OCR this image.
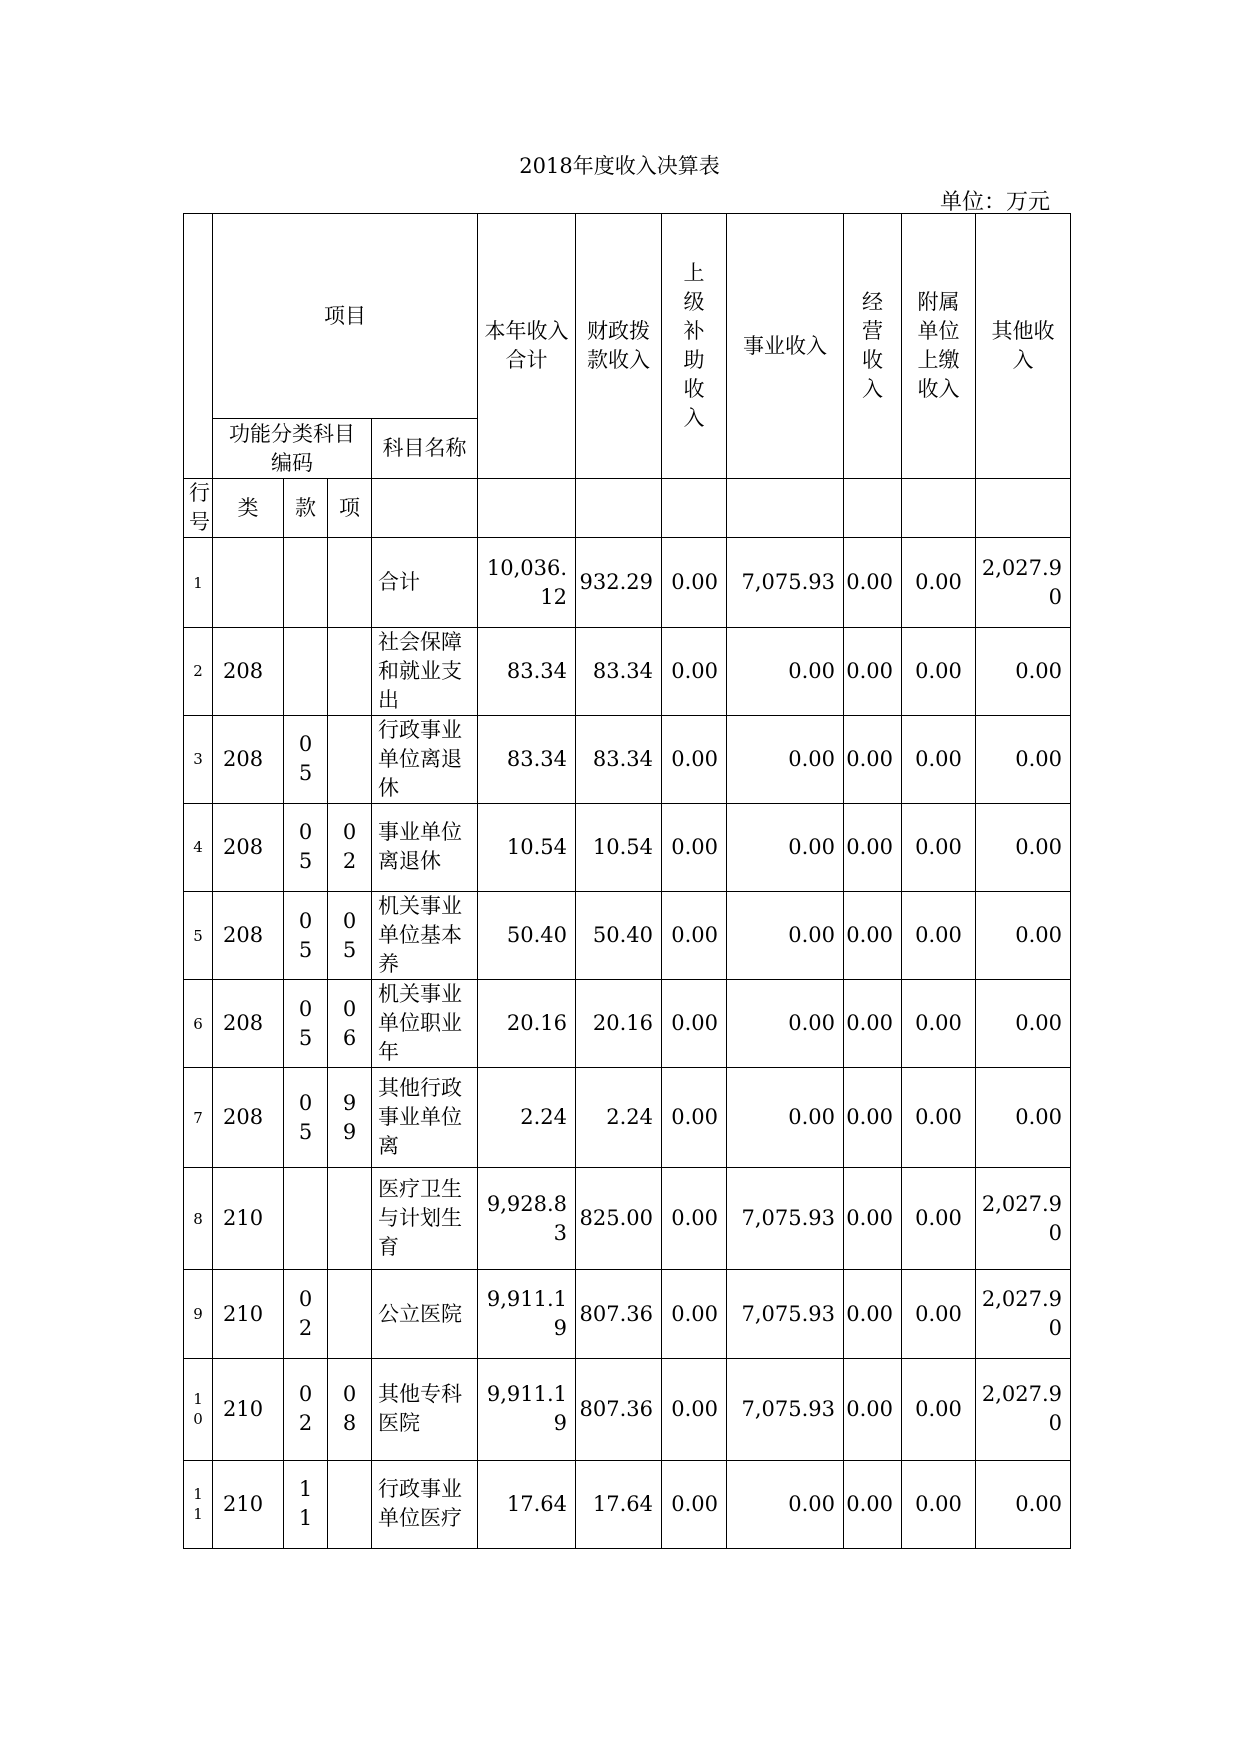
2018年度收入决算表
单位：万元
	项目				本年收入合计	财政拨款收入	上级补助收入	事业收入	经营收入	附属单位上缴收入	其他收入
	功能分类科目编码			科目名称							

行号	类	款	项								

1				合计	10,036.12	932.29	0.00	7,075.93	0.00	0.00	2,027.90

2	208			社会保障和就业支出	83.34	83.34	0.00	0.00	0.00	0.00	0.00

3	208	05		行政事业单位离退休	83.34	83.34	0.00	0.00	0.00	0.00	0.00

4	208	05	02	事业单位离退休	10.54	10.54	0.00	0.00	0.00	0.00	0.00

5	208	05	05	机关事业单位基本养	50.40	50.40	0.00	0.00	0.00	0.00	0.00

6	208	05	06	机关事业单位职业年	20.16	20.16	0.00	0.00	0.00	0.00	0.00

7	208	05	99	其他行政事业单位离	2.24	2.24	0.00	0.00	0.00	0.00	0.00

8	210			医疗卫生与计划生育	9,928.83	825.00	0.00	7,075.93	0.00	0.00	2,027.90

9	210	02		公立医院	9,911.19	807.36	0.00	7,075.93	0.00	0.00	2,027.90

10	210	02	08	其他专科医院	9,911.19	807.36	0.00	7,075.93	0.00	0.00	2,027.90

11	210	11		行政事业单位医疗	17.64	17.64	0.00	0.00	0.00	0.00	0.00
